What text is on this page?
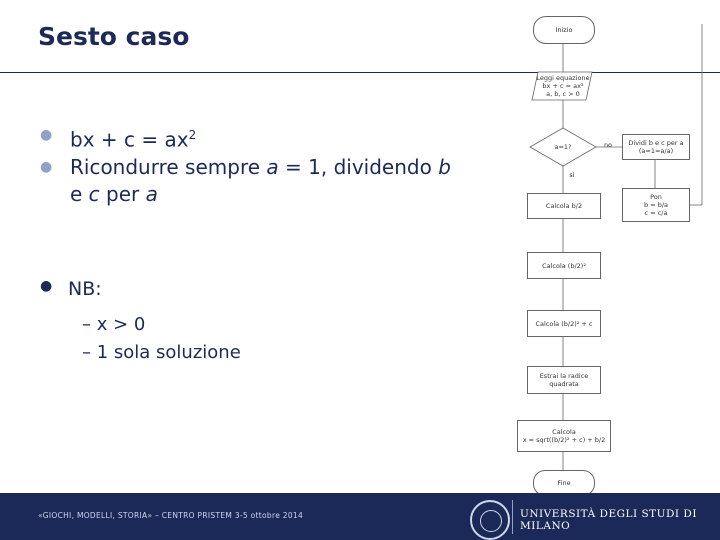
Sesto caso
● bx + $c = ax^2$
● Ricondurre sempre a = 1, dividendo b
e c per a
● NB:
– x > 0
– 1 sola soluzione
Inizio
Leggi equazione
bx + c = ax²
a, b, c > 0
a=1?	no
sì
Dividi b e c per a
(a=1=a/a)
Pon
b = b/a
c = c/a
Calcola b/2
Calcola (b/2)²
Calcola (b/2)² + c
Estrai la radice
quadrata
Calcola
x = sqrt((b/2)² + c) + b/2
Fine
«GIOCHI, MODELLI, STORIA» – CENTRO PRISTEM 3-5 ottobre 2014	UNIVERSITÀ DEGLI STUDI DI MILANO
